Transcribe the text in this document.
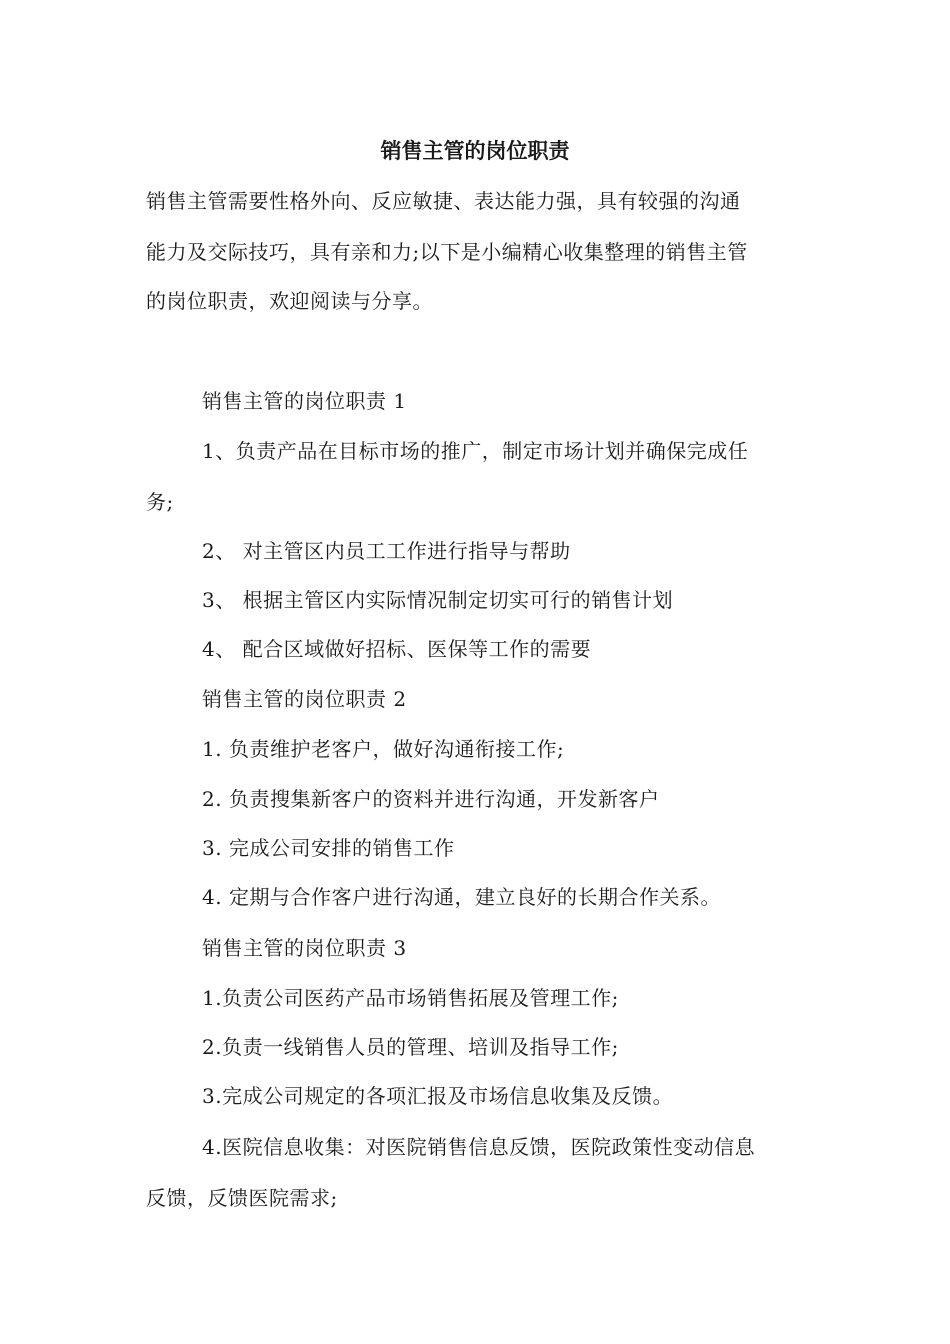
销售主管的岗位职责
销售主管需要性格外向、反应敏捷、表达能力强，具有较强的沟通
能力及交际技巧，具有亲和力;以下是小编精心收集整理的销售主管
的岗位职责，欢迎阅读与分享。
销售主管的岗位职责 1
1、负责产品在目标市场的推广，制定市场计划并确保完成任
务;
2、 对主管区内员工工作进行指导与帮助
3、 根据主管区内实际情况制定切实可行的销售计划
4、 配合区域做好招标、医保等工作的需要
销售主管的岗位职责 2
1. 负责维护老客户，做好沟通衔接工作;
2. 负责搜集新客户的资料并进行沟通，开发新客户
3. 完成公司安排的销售工作
4. 定期与合作客户进行沟通，建立良好的长期合作关系。
销售主管的岗位职责 3
1.负责公司医药产品市场销售拓展及管理工作;
2.负责一线销售人员的管理、培训及指导工作;
3.完成公司规定的各项汇报及市场信息收集及反馈。
4.医院信息收集：对医院销售信息反馈，医院政策性变动信息
反馈，反馈医院需求;
